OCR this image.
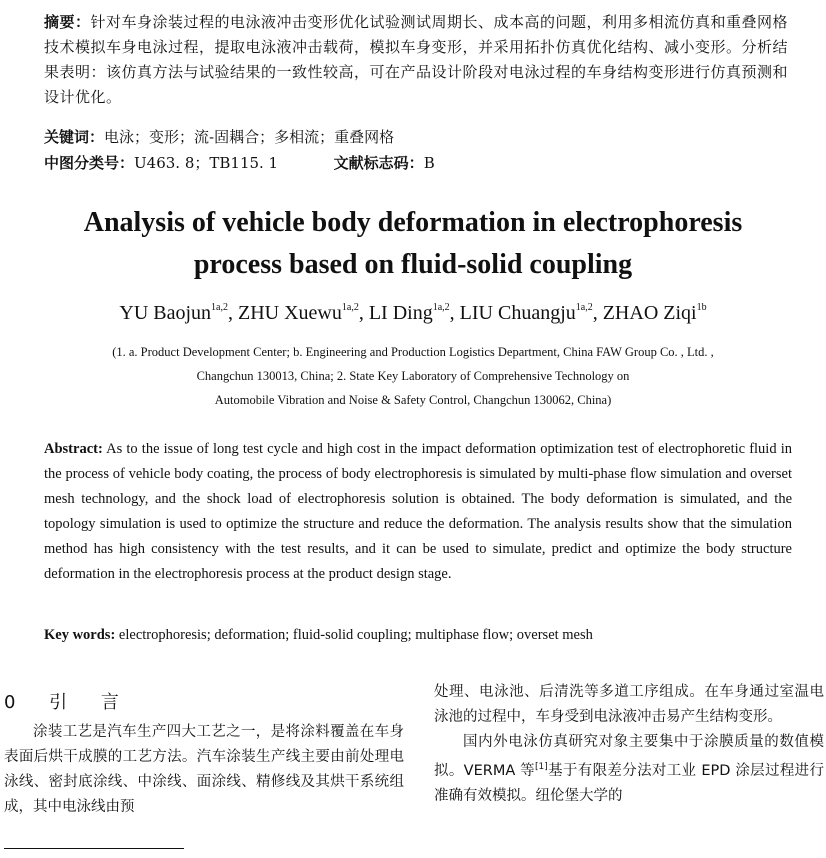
摘要：针对车身涂装过程的电泳液冲击变形优化试验测试周期长、成本高的问题，利用多相流仿真和重叠网格技术模拟车身电泳过程，提取电泳液冲击载荷，模拟车身变形，并采用拓扑仿真优化结构、减小变形。分析结果表明：该仿真方法与试验结果的一致性较高，可在产品设计阶段对电泳过程的车身结构变形进行仿真预测和设计优化。
关键词：电泳；变形；流-固耦合；多相流；重叠网格
中图分类号：U463. 8；TB115. 1	文献标志码：B
Analysis of vehicle body deformation in electrophoresis
process based on fluid-solid coupling
YU Baojun$^{1a,2}$, ZHU Xuewu$^{1a,2}$, LI Ding$^{1a,2}$, LIU Chuangju$^{1a,2}$, ZHAO Ziqi$^{1b}$
(1. a. Product Development Center; b. Engineering and Production Logistics Department, China FAW Group Co. , Ltd. ,
Changchun 130013, China; 2. State Key Laboratory of Comprehensive Technology on
Automobile Vibration and Noise & Safety Control, Changchun 130062, China)
Abstract: As to the issue of long test cycle and high cost in the impact deformation optimization test of electrophoretic fluid in the process of vehicle body coating, the process of body electrophoresis is simulated by multi-phase flow simulation and overset mesh technology, and the shock load of electrophoresis solution is obtained. The body deformation is simulated, and the topology simulation is used to optimize the structure and reduce the deformation. The analysis results show that the simulation method has high consistency with the test results, and it can be used to simulate, predict and optimize the body structure deformation in the electrophoresis process at the product design stage.
Key words: electrophoresis; deformation; fluid-solid coupling; multiphase flow; overset mesh
0 引 言

涂装工艺是汽车生产四大工艺之一，是将涂料覆盖在车身表面后烘干成膜的工艺方法。汽车涂装生产线主要由前处理电泳线、密封底涂线、中涂线、面涂线、精修线及其烘干系统组成，其中电泳线由预

处理、电泳池、后清洗等多道工序组成。在车身通过室温电泳池的过程中，车身受到电泳液冲击易产生结构变形。

国内外电泳仿真研究对象主要集中于涂膜质量的数值模拟。VERMA 等[1]基于有限差分法对工业 EPD 涂层过程进行准确有效模拟。纽伦堡大学的
